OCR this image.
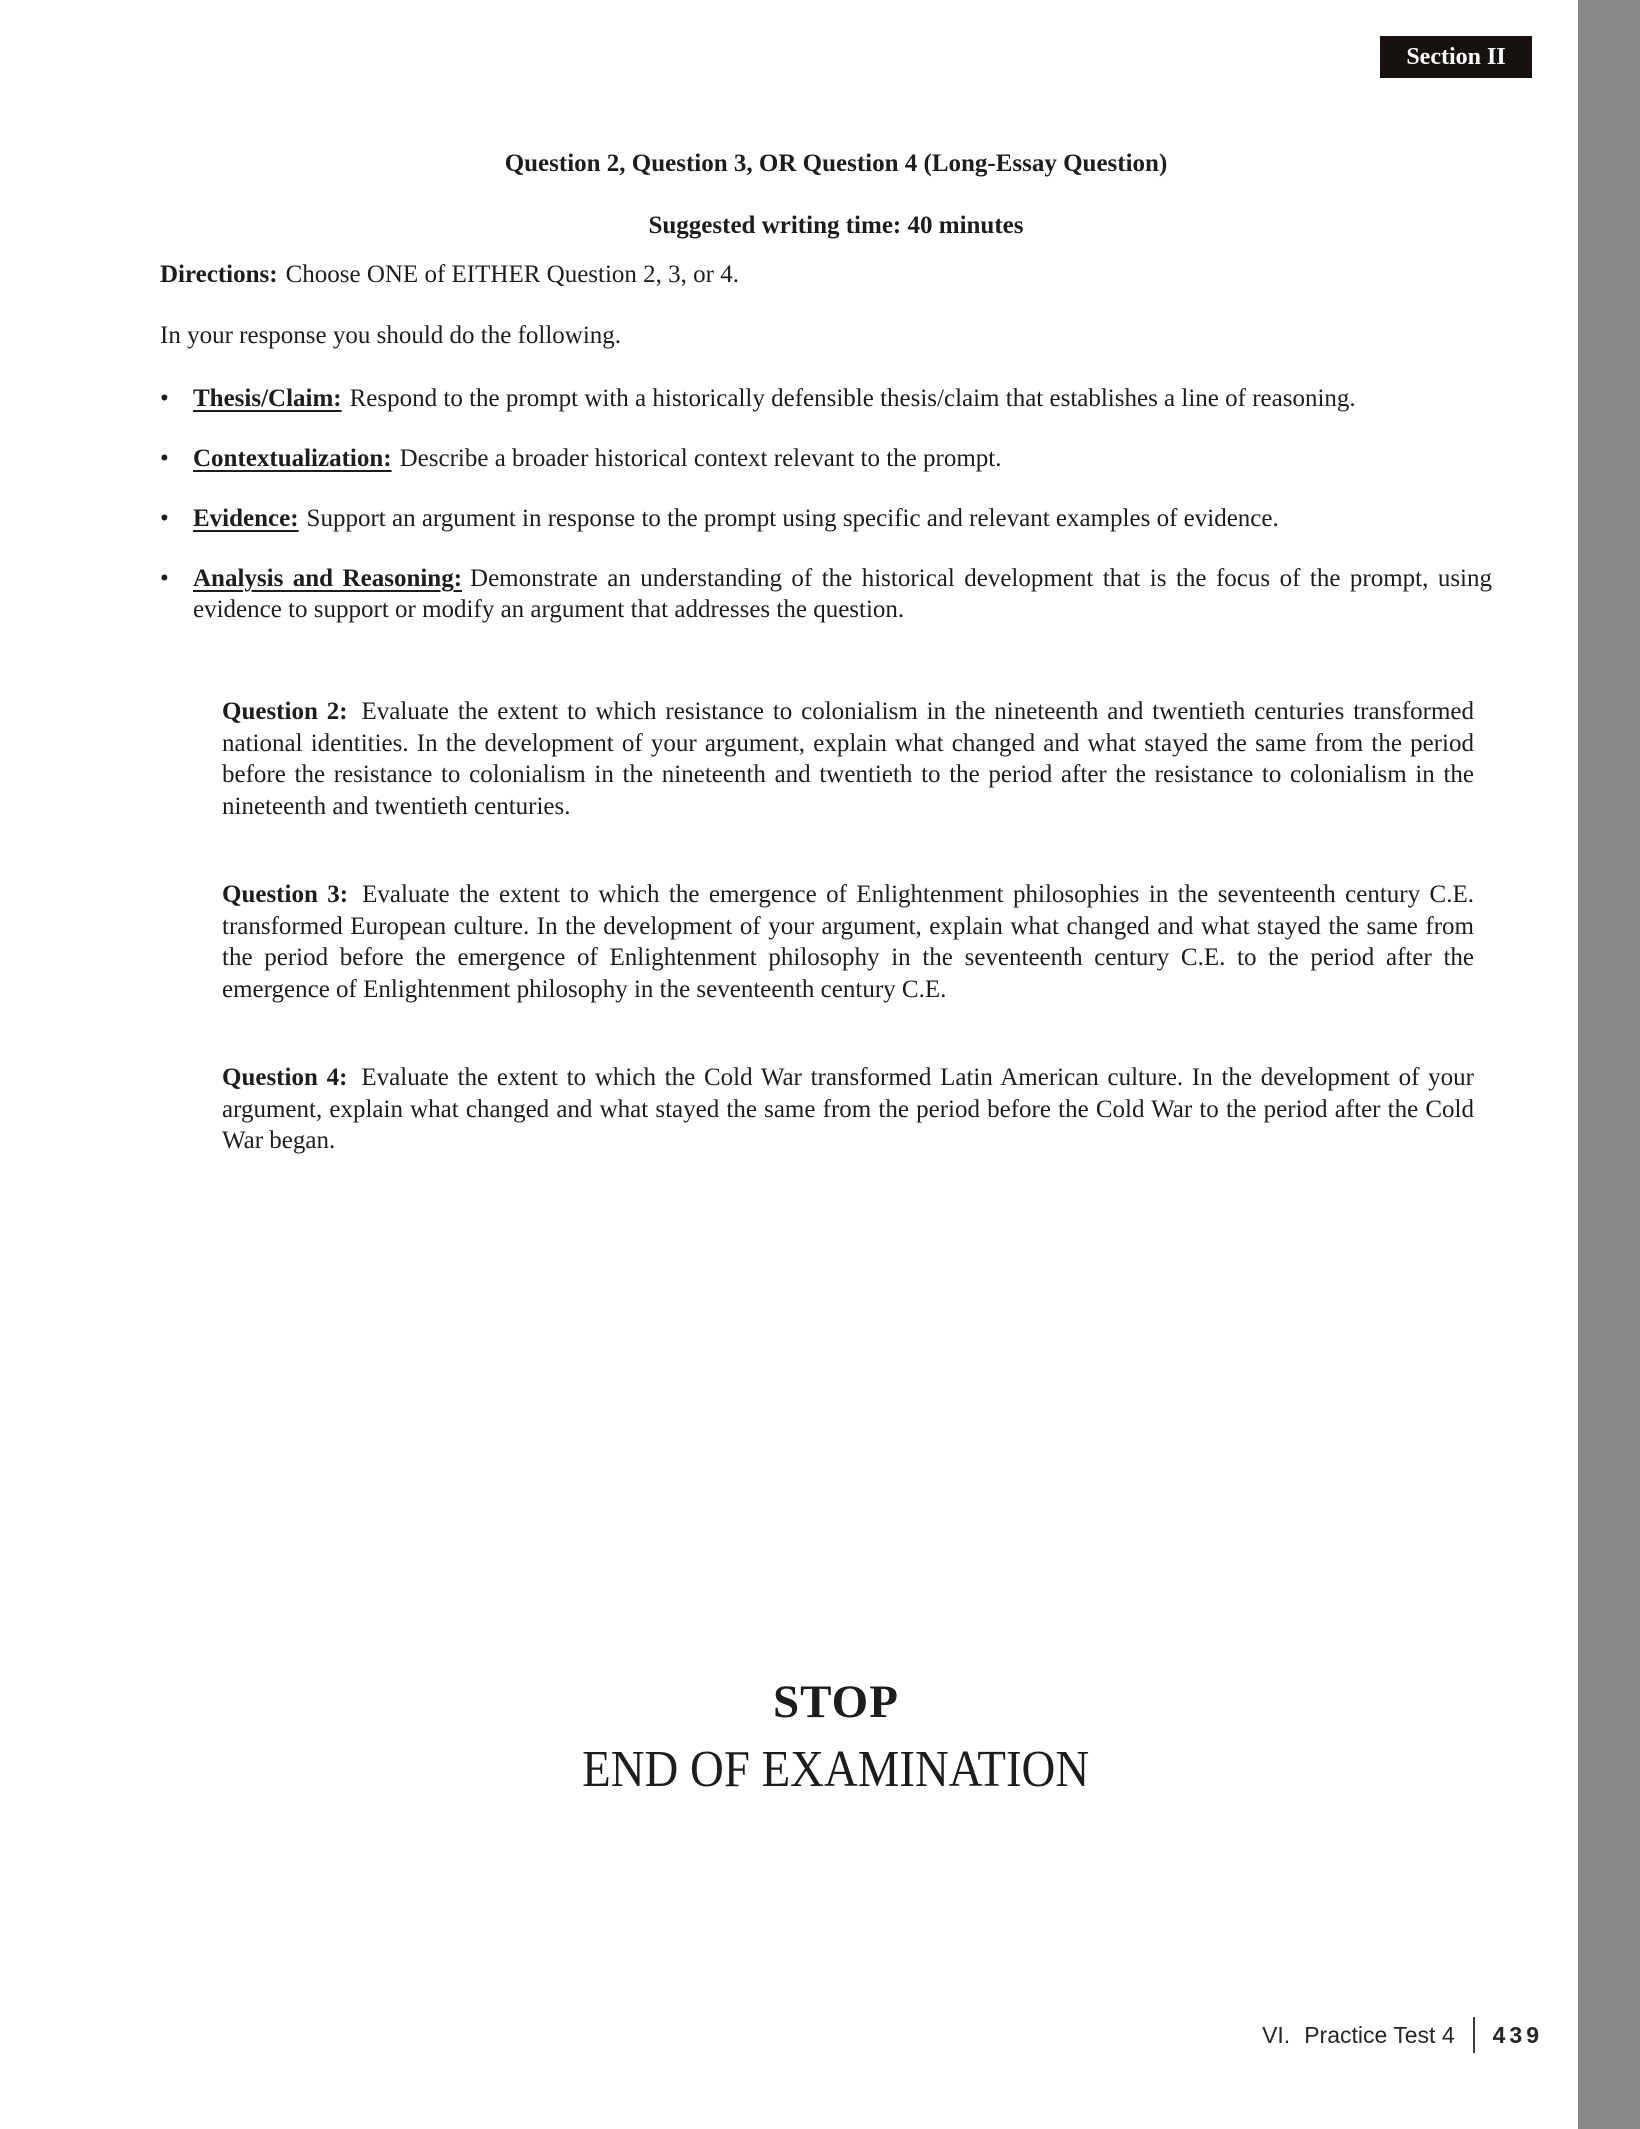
Section II
Question 2, Question 3, OR Question 4 (Long-Essay Question)
Suggested writing time: 40 minutes

Directions: Choose ONE of EITHER Question 2, 3, or 4.

In your response you should do the following.

• Thesis/Claim: Respond to the prompt with a historically defensible thesis/claim that establishes a line of reasoning.
• Contextualization: Describe a broader historical context relevant to the prompt.
• Evidence: Support an argument in response to the prompt using specific and relevant examples of evidence.
• Analysis and Reasoning: Demonstrate an understanding of the historical development that is the focus of the prompt, using evidence to support or modify an argument that addresses the question.
Question 2: Evaluate the extent to which resistance to colonialism in the nineteenth and twentieth centuries transformed national identities. In the development of your argument, explain what changed and what stayed the same from the period before the resistance to colonialism in the nineteenth and twentieth to the period after the resistance to colonialism in the nineteenth and twentieth centuries.
Question 3: Evaluate the extent to which the emergence of Enlightenment philosophies in the seventeenth century C.E. transformed European culture. In the development of your argument, explain what changed and what stayed the same from the period before the emergence of Enlightenment philosophy in the seventeenth century C.E. to the period after the emergence of Enlightenment philosophy in the seventeenth century C.E.
Question 4: Evaluate the extent to which the Cold War transformed Latin American culture. In the development of your argument, explain what changed and what stayed the same from the period before the Cold War to the period after the Cold War began.
STOP
END OF EXAMINATION
VI. Practice Test 4 439
